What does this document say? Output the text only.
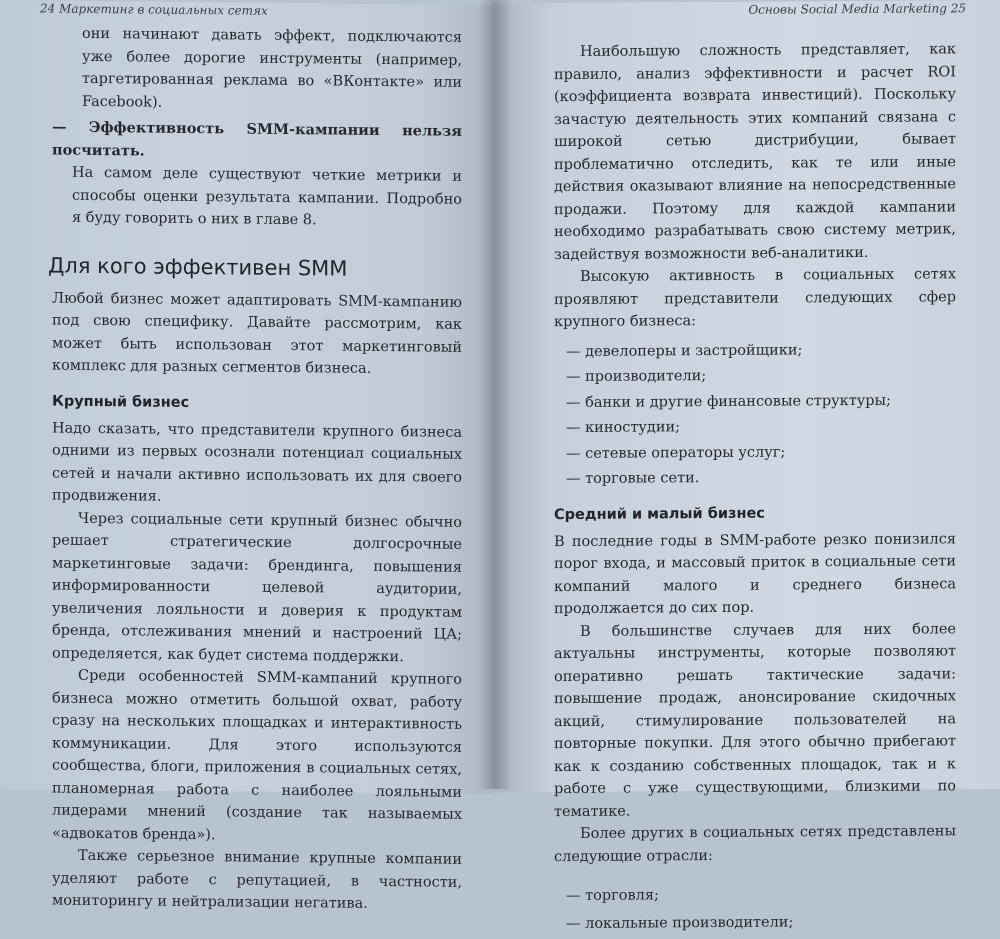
24 Маркетинг в социальных сетях

они начинают давать эффект, подключаются уже более дорогие инструменты (например, таргетированная реклама во «ВКонтакте» или Facebook).

— Эффективность SMM-кампании нельзя посчитать.

На самом деле существуют четкие метрики и способы оценки результата кампании. Подробно я буду говорить о них в главе 8.

Для кого эффективен SMM

Любой бизнес может адаптировать SMM-кампанию под свою специфику. Давайте рассмотрим, как может быть использован этот маркетинговый комплекс для разных сегментов бизнеса.

Крупный бизнес

Надо сказать, что представители крупного бизнеса одними из первых осознали потенциал социальных сетей и начали активно использовать их для своего продвижения.

Через социальные сети крупный бизнес обычно решает стратегические долгосрочные маркетинговые задачи: брендинга, повышения информированности целевой аудитории, увеличения лояльности и доверия к продуктам бренда, отслеживания мнений и настроений ЦА; определяется, как будет система поддержки.

Среди особенностей SMM-кампаний крупного бизнеса можно отметить большой охват, работу сразу на нескольких площадках и интерактивность коммуникации. Для этого используются сообщества, блоги, приложения в социальных сетях, планомерная работа с наиболее лояльными лидерами мнений (создание так называемых «адвокатов бренда»).

Также серьезное внимание крупные компании уделяют работе с репутацией, в частности, мониторингу и нейтрализации негатива.

Основы Social Media Marketing 25

Наибольшую сложность представляет, как правило, анализ эффективности и расчет ROI (коэффициента возврата инвестиций). Поскольку зачастую деятельность этих компаний связана с широкой сетью дистрибуции, бывает проблематично отследить, как те или иные действия оказывают влияние на непосредственные продажи. Поэтому для каждой кампании необходимо разрабатывать свою систему метрик, задействуя возможности веб-аналитики.

Высокую активность в социальных сетях проявляют представители следующих сфер крупного бизнеса:

— девелоперы и застройщики;
— производители;
— банки и другие финансовые структуры;
— киностудии;
— сетевые операторы услуг;
— торговые сети.
Средний и малый бизнес

В последние годы в SMM-работе резко понизился порог входа, и массовый приток в социальные сети компаний малого и среднего бизнеса продолжается до сих пор.

В большинстве случаев для них более актуальны инструменты, которые позволяют оперативно решать тактические задачи: повышение продаж, анонсирование скидочных акций, стимулирование пользователей на повторные покупки. Для этого обычно прибегают как к созданию собственных площадок, так и к работе с уже существующими, близкими по тематике.

Более других в социальных сетях представлены следующие отрасли:

— торговля;
— локальные производители;
